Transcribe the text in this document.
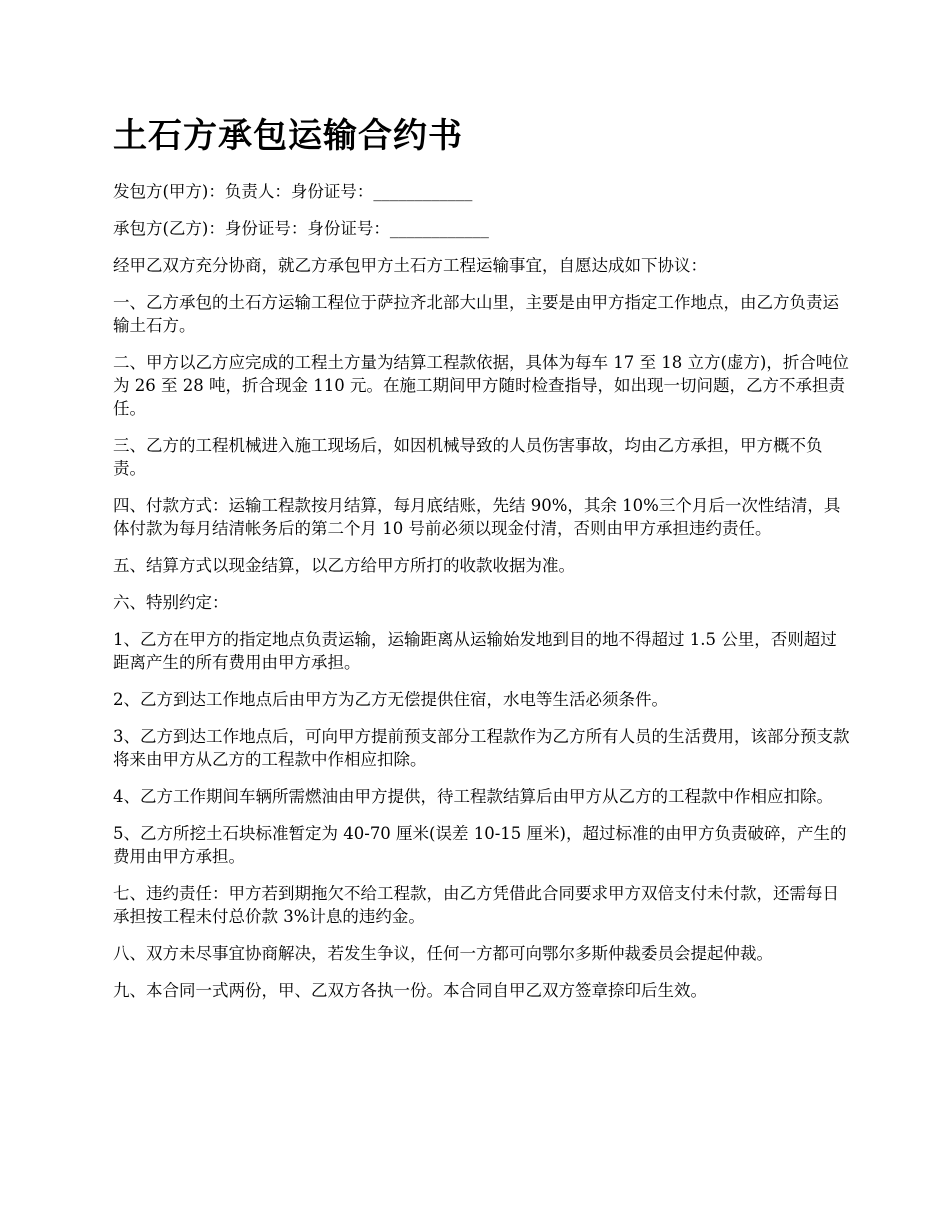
土石方承包运输合约书

发包方(甲方)：负责人：身份证号：____________

承包方(乙方)：身份证号：身份证号：____________

经甲乙双方充分协商，就乙方承包甲方土石方工程运输事宜，自愿达成如下协议：

一、乙方承包的土石方运输工程位于萨拉齐北部大山里，主要是由甲方指定工作地点，由乙方负责运输土石方。

二、甲方以乙方应完成的工程土方量为结算工程款依据，具体为每车 17 至 18 立方(虚方)，折合吨位为 26 至 28 吨，折合现金 110 元。在施工期间甲方随时检查指导，如出现一切问题，乙方不承担责任。

三、乙方的工程机械进入施工现场后，如因机械导致的人员伤害事故，均由乙方承担，甲方概不负责。

四、付款方式：运输工程款按月结算，每月底结账，先结 90%，其余 10%三个月后一次性结清，具体付款为每月结清帐务后的第二个月 10 号前必须以现金付清，否则由甲方承担违约责任。

五、结算方式以现金结算，以乙方给甲方所打的收款收据为准。

六、特别约定：

1、乙方在甲方的指定地点负责运输，运输距离从运输始发地到目的地不得超过 1.5 公里，否则超过距离产生的所有费用由甲方承担。

2、乙方到达工作地点后由甲方为乙方无偿提供住宿，水电等生活必须条件。

3、乙方到达工作地点后，可向甲方提前预支部分工程款作为乙方所有人员的生活费用，该部分预支款将来由甲方从乙方的工程款中作相应扣除。

4、乙方工作期间车辆所需燃油由甲方提供，待工程款结算后由甲方从乙方的工程款中作相应扣除。

5、乙方所挖土石块标准暂定为 40-70 厘米(误差 10-15 厘米)，超过标准的由甲方负责破碎，产生的费用由甲方承担。

七、违约责任：甲方若到期拖欠不给工程款，由乙方凭借此合同要求甲方双倍支付未付款，还需每日承担按工程未付总价款 3%计息的违约金。

八、双方未尽事宜协商解决，若发生争议，任何一方都可向鄂尔多斯仲裁委员会提起仲裁。

九、本合同一式两份，甲、乙双方各执一份。本合同自甲乙双方签章捺印后生效。
